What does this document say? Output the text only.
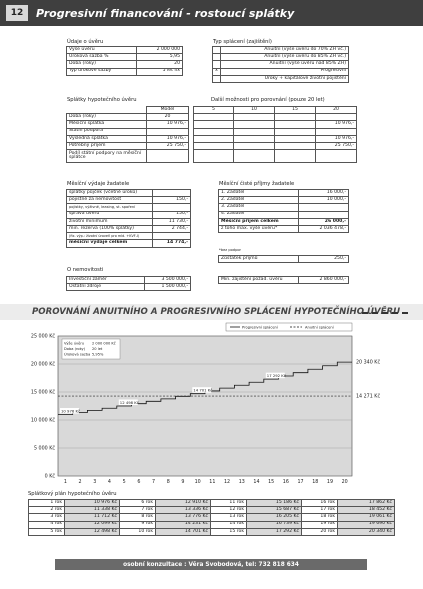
12	Progresivní financování - rostoucí splátky
Údaje o úvěru
Výše úvěru	2 000 000
Úroková sazba %	5,95
Doba (roky)	20
Typ úrokové sazby	5 let fix
Typ splácení (zajištění)
	Anuitní (výše úvěru do 70% ZH vč.)
	Anuitní (výše úvěru do 85% ZH vč.)
	Anuitní (výše úvěru nad 85% ZH)
x	Progresivní
	Úroky + kapitálové životní pojištění
Splátky hypotečního úvěru
	Model
Doba (roky)	20
Měsíční splátka	10 976,-
Státní podpora	
Výsledná splátka	10 976,-
Potřebný příjem	25 750,-
Podíl státní podpory na měsíční splátce	
Další možnosti pro porovnání (pouze 20 let)
5	10	15	20

			10 976,-

			10 976,-
			25 750,-

Měsíční výdaje žadatele
splátky půjček (včetně úroků)	
pojistné za nemovitost	150,-
pojistky, výživné, leasing, st. spoření	
správa úvěru	150,-
životní minimum	11 730,-
min. rezerva (100% splátky)	2 744,-
(fix. výp.: životní úroveň pro mld. +KVF-I)	
měsíční výdaje celkem	14 774,-
Měsíční čisté příjmy žadatele
1. Žadatel	16 000,-
2. Žadatel	10 000,-
3. Žadatel	
4. Žadatel	
Měsíční příjem celkem	26 000,-
z toho max. výše úvěru*	2 036 478,-
*bez podpor
Zůstatek příjmů	250,-
O nemovitosti
Investiční záměr	3 500 000,-
Ostatní zdroje	1 500 000,-
Min. zajištění požad. úvěru	2 860 000,-
POROVNÁNÍ ANUITNÍHO A PROGRESIVNÍHO SPLÁCENÍ HYPOTEČNÍHO ÚVĚRU
0 Kč
5 000 Kč
10 000 Kč
15 000 Kč
20 000 Kč
25 000 Kč
1 2 3 4 5 6 7 8 9 10 11 12 13 14 15 16 17 18 19 20
10 976 Kč
12 498 Kč
14 701 Kč
17 292 Kč
20 340 Kč
14 271 Kč
Progresivní splácení	Anuitní splácení
Výše úvěru 2 000 000 Kč
Doba (roky) 20 let
Úroková sazba 5,95%
Splátkový plán hypotečního úvěru
1 rok	10 976 Kč	6 rok	12 910 Kč	11 rok	15 186 Kč	16 rok	17 862 Kč
2 rok	11 338 Kč	7 rok	13 336 Kč	12 rok	15 687 Kč	17 rok	18 452 Kč
3 rok	11 712 Kč	8 rok	13 776 Kč	13 rok	16 205 Kč	18 rok	19 061 Kč
4 rok	12 099 Kč	9 rok	14 231 Kč	14 rok	16 739 Kč	19 rok	19 690 Kč
5 rok	12 498 Kč	10 rok	14 701 Kč	15 rok	17 292 Kč	20 rok	20 340 Kč
osobní konzultace : Věra Svobodová, tel: 732 818 634
